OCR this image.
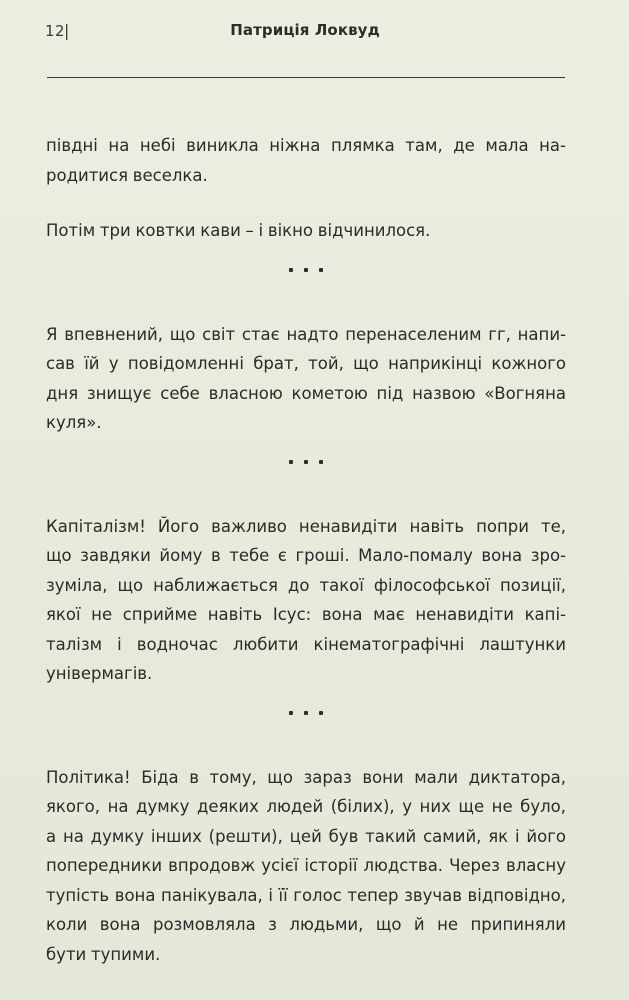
12
|	Патриція Локвуд

півдні на небі виникла ніжна плямка там, де мала на-
родитися веселка.

Потім три ковтки кави – і вікно відчинилося.

Я впевнений, що світ стає надто перенаселеним гг, напи-
сав їй у повідомленні брат, той, що наприкінці кожного
дня знищує себе власною кометою під назвою «Вогняна
куля».

Капіталізм! Його важливо ненавидіти навіть попри те,
що завдяки йому в тебе є гроші. Мало-помалу вона зро-
зуміла, що наближається до такої філософської позиції,
якої не сприйме навіть Ісус: вона має ненавидіти капі-
талізм і водночас любити кінематографічні лаштунки
універмагів.

Політика! Біда в тому, що зараз вони мали диктатора,
якого, на думку деяких людей (білих), у них ще не було,
а на думку інших (решти), цей був такий самий, як і його
попередники впродовж усієї історії людства. Через власну
тупість вона панікувала, і її голос тепер звучав відповідно,
коли вона розмовляла з людьми, що й не припиняли
бути тупими.
